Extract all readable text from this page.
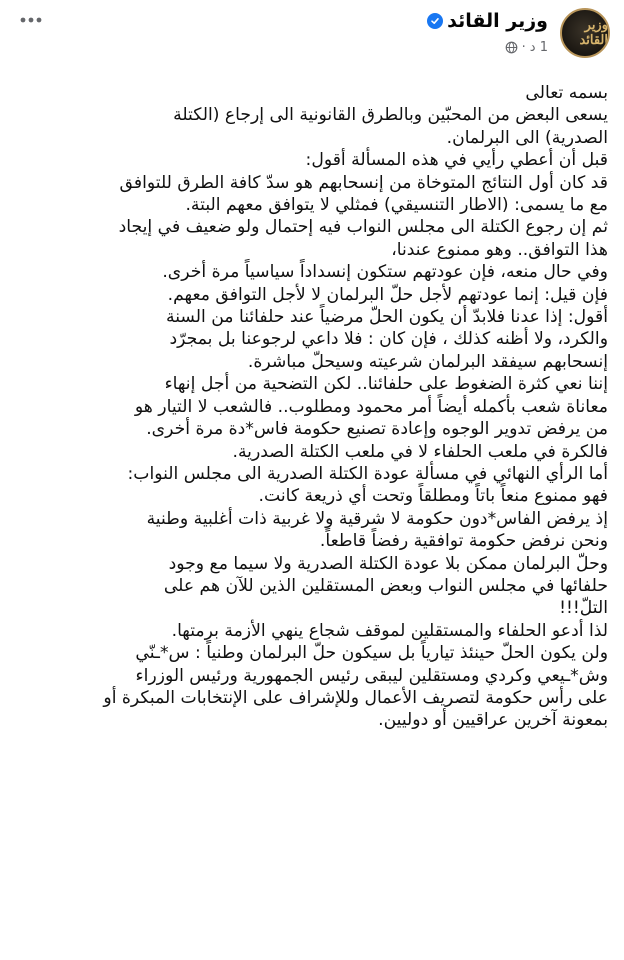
وزير القائد
وزير القائد
1 د
·

بسمه تعالى

يسعى البعض من المحبّين وبالطرق القانونية الى إرجاع (الكتلة

الصدرية) الى البرلمان.

قبل أن أعطي رأيي في هذه المسألة أقول:

قد كان أول النتائج المتوخاة من إنسحابهم هو سدّ كافة الطرق للتوافق

مع ما يسمى: (الاطار التنسيقي) فمثلي لا يتوافق معهم البتة.

ثم إن رجوع الكتلة الى مجلس النواب فيه إحتمال ولو ضعيف في إيجاد

هذا التوافق.. وهو ممنوع عندنا،

وفي حال منعه، فإن عودتهم ستكون إنسداداً سياسياً مرة أخرى.

فإن قيل: إنما عودتهم لأجل حلّ البرلمان لا لأجل التوافق معهم.

أقول: إذا عدنا فلابدّ أن يكون الحلّ مرضياً عند حلفائنا من السنة

والكرد، ولا أظنه كذلك ، فإن كان : فلا داعي لرجوعنا بل بمجرّد

إنسحابهم سيفقد البرلمان شرعيته وسيحلّ مباشرة.

إننا نعي كثرة الضغوط على حلفائنا.. لكن التضحية من أجل إنهاء

معاناة شعب بأكمله أيضاً أمر محمود ومطلوب.. فالشعب لا التيار هو

من يرفض تدوير الوجوه وإعادة تصنيع حكومة فاس*دة مرة أخرى.

فالكرة في ملعب الحلفاء لا في ملعب الكتلة الصدرية.

أما الرأي النهائي في مسألة عودة الكتلة الصدرية الى مجلس النواب:

فهو ممنوع منعاً باتاً ومطلقاً وتحت أي ذريعة كانت.

إذ يرفض الفاس*دون حكومة لا شرقية ولا غربية ذات أغلبية وطنية

ونحن نرفض حكومة توافقية رفضاً قاطعاً.

وحلّ البرلمان ممكن بلا عودة الكتلة الصدرية ولا سيما مع وجود

حلفائها في مجلس النواب وبعض المستقلين الذين للآن هم على

التلّ!!!

لذا أدعو الحلفاء والمستقلين لموقف شجاع ينهي الأزمة برمتها.

ولن يكون الحلّ حينئذ تيارياً بل سيكون حلّ البرلمان وطنياً : س*ـنّي

وش*ـيعي وكردي ومستقلين ليبقى رئيس الجمهورية ورئيس الوزراء

على رأس حكومة لتصريف الأعمال وللإشراف على الإنتخابات المبكرة أو

بمعونة آخرين عراقيين أو دوليين.
